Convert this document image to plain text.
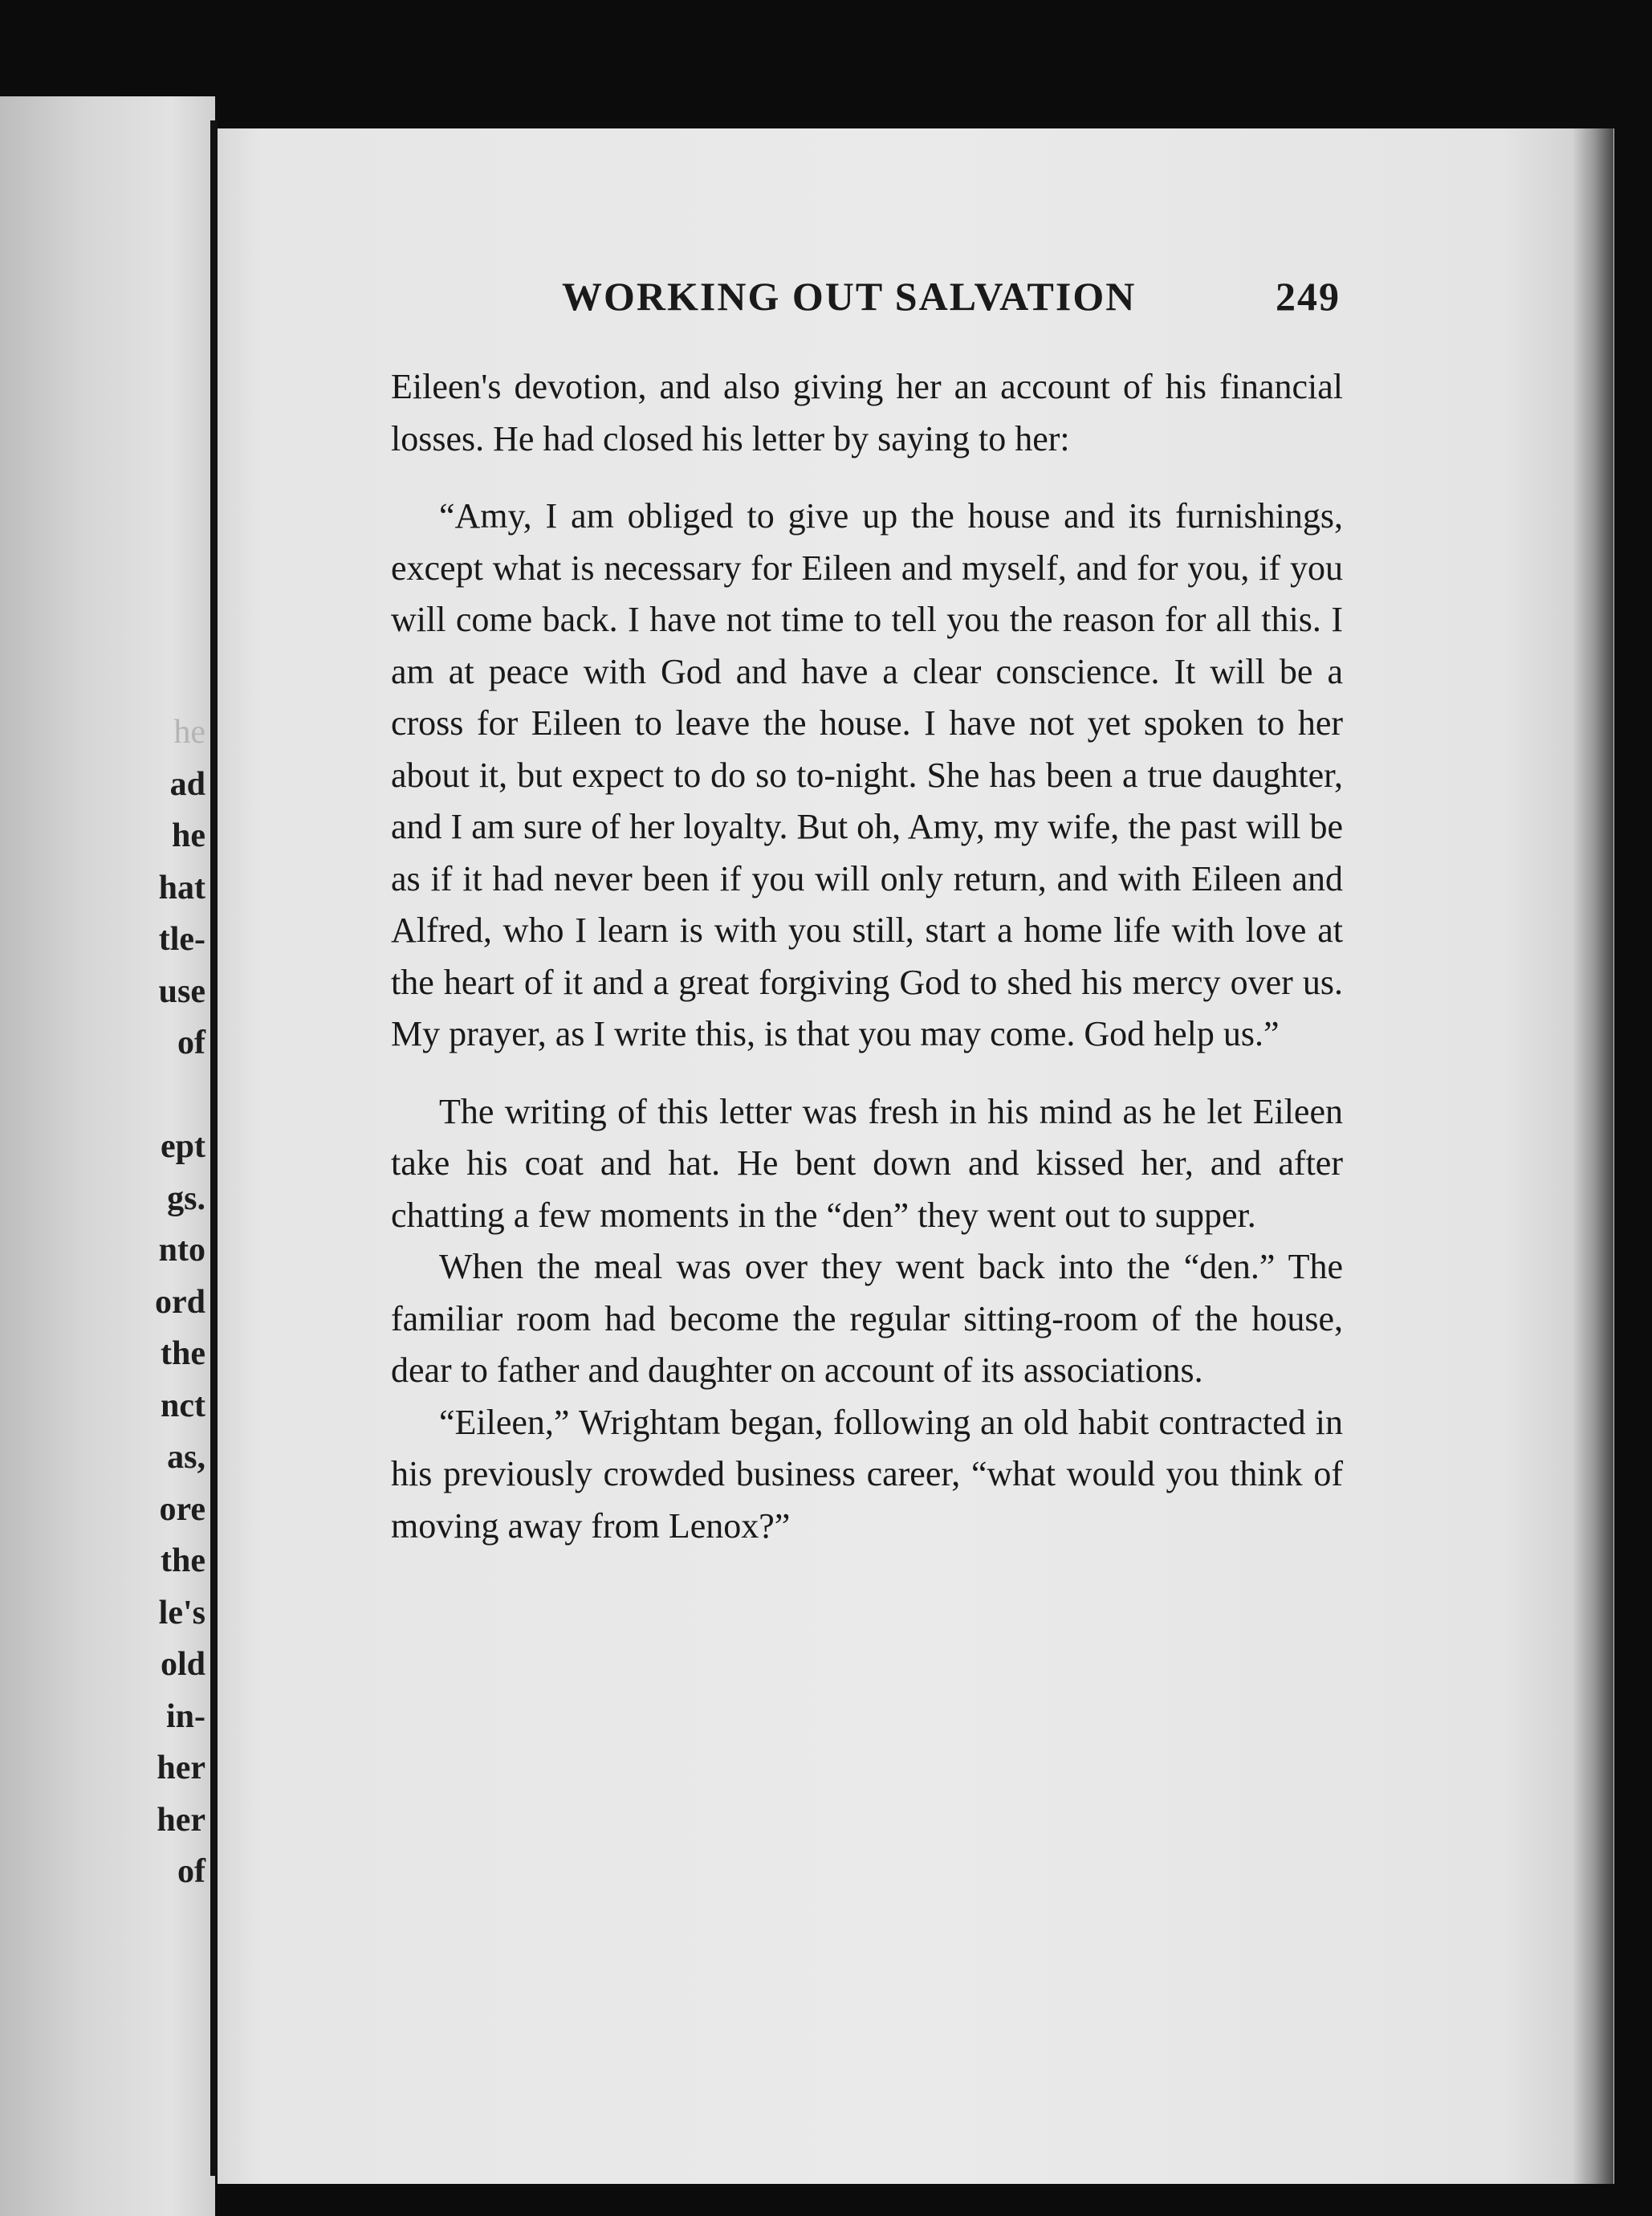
he
ad
he
hat
tle-
use
of
ept
gs.
nto
ord
the
nct
as,
ore
the
le's
old
in-
her
her
of
WORKING OUT SALVATION	249

Eileen's devotion, and also giving her an account of his financial losses. He had closed his letter by saying to her:

“Amy, I am obliged to give up the house and its furnishings, except what is necessary for Eileen and myself, and for you, if you will come back. I have not time to tell you the reason for all this. I am at peace with God and have a clear conscience. It will be a cross for Eileen to leave the house. I have not yet spoken to her about it, but expect to do so to-night. She has been a true daughter, and I am sure of her loyalty. But oh, Amy, my wife, the past will be as if it had never been if you will only return, and with Eileen and Alfred, who I learn is with you still, start a home life with love at the heart of it and a great forgiving God to shed his mercy over us. My prayer, as I write this, is that you may come. God help us.”

The writing of this letter was fresh in his mind as he let Eileen take his coat and hat. He bent down and kissed her, and after chatting a few moments in the “den” they went out to supper.

When the meal was over they went back into the “den.” The familiar room had become the regular sitting-room of the house, dear to father and daughter on account of its associations.

“Eileen,” Wrightam began, following an old habit contracted in his previously crowded business career, “what would you think of moving away from Lenox?”
